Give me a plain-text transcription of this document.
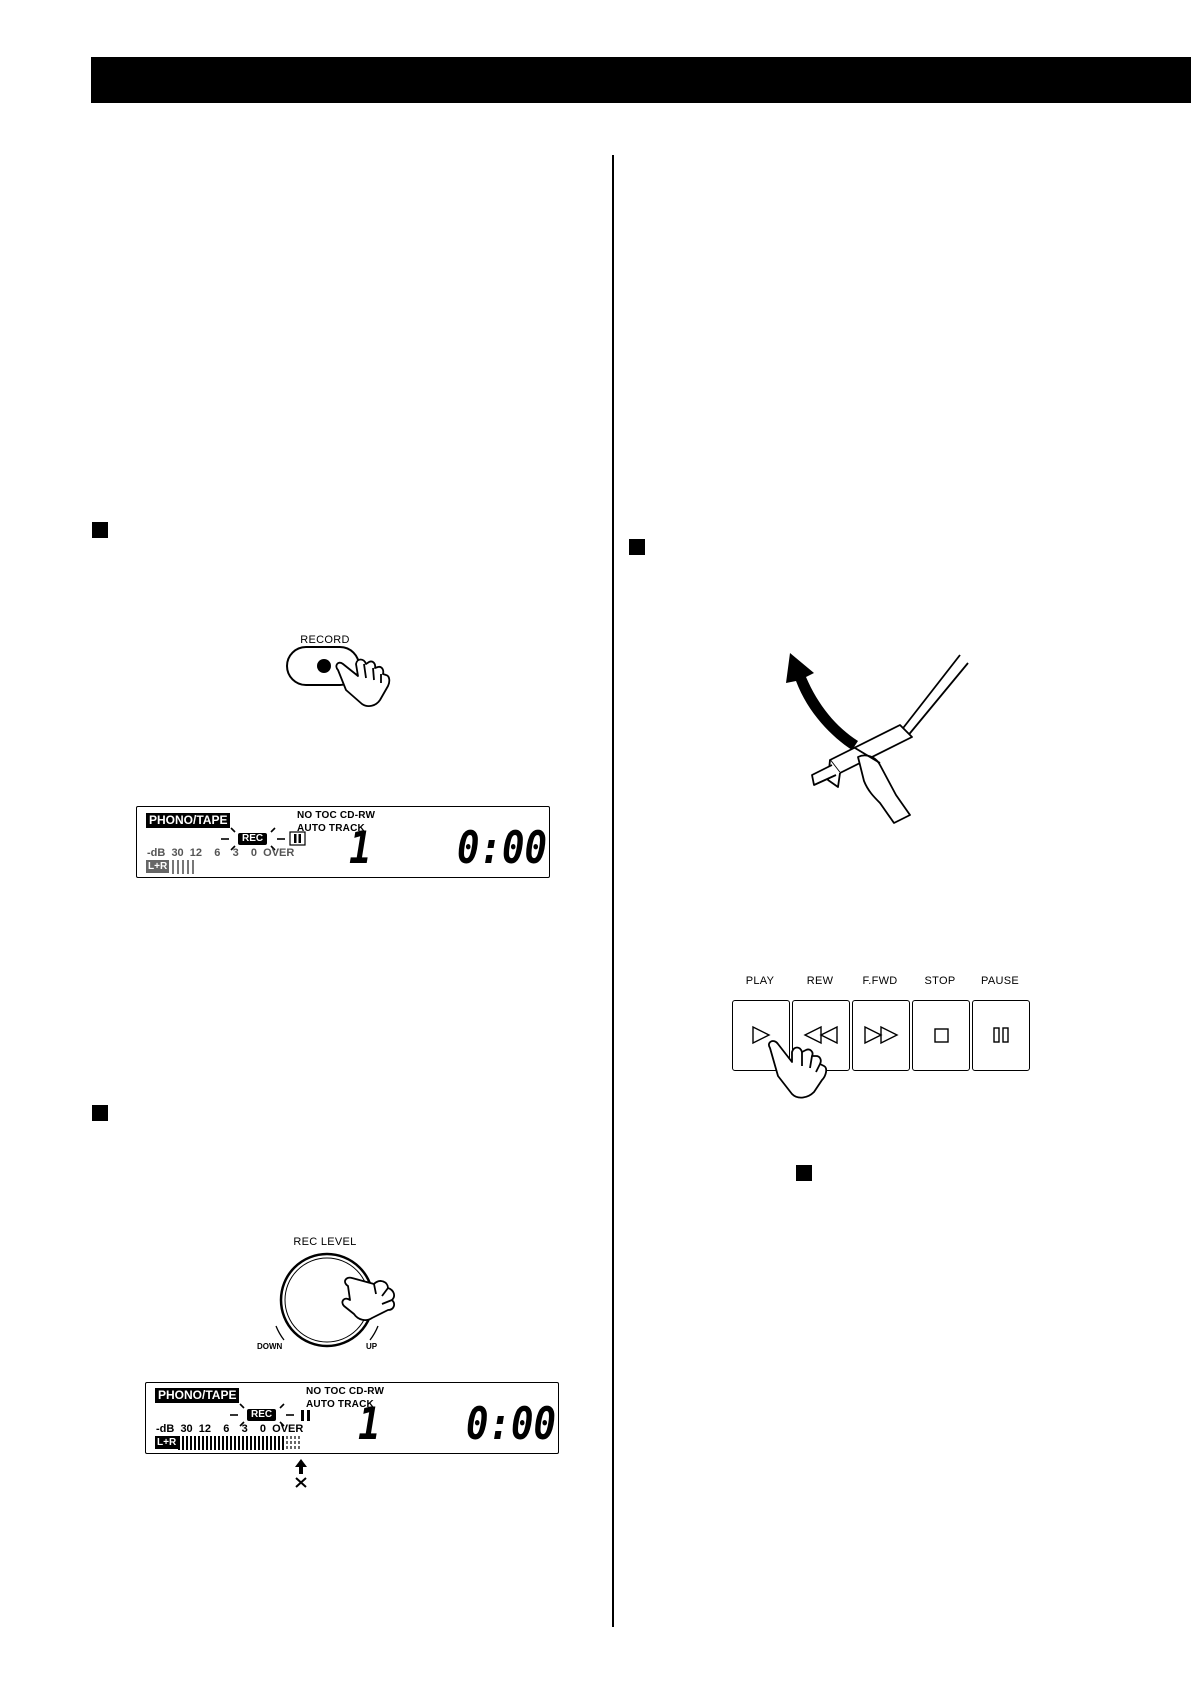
RECORD
PHONO/TAPE	NO TOC CD-RW
AUTO TRACK
REC
-dB  30  12    6    3    0  OVER
L+R	1 0:00
REC LEVEL
DOWN	UP
PHONO/TAPE	NO TOC CD-RW
AUTO TRACK
REC
-dB  30  12    6    3    0  OVER
L+R	1 0:00
PLAY	REW	F.FWD	STOP	PAUSE
